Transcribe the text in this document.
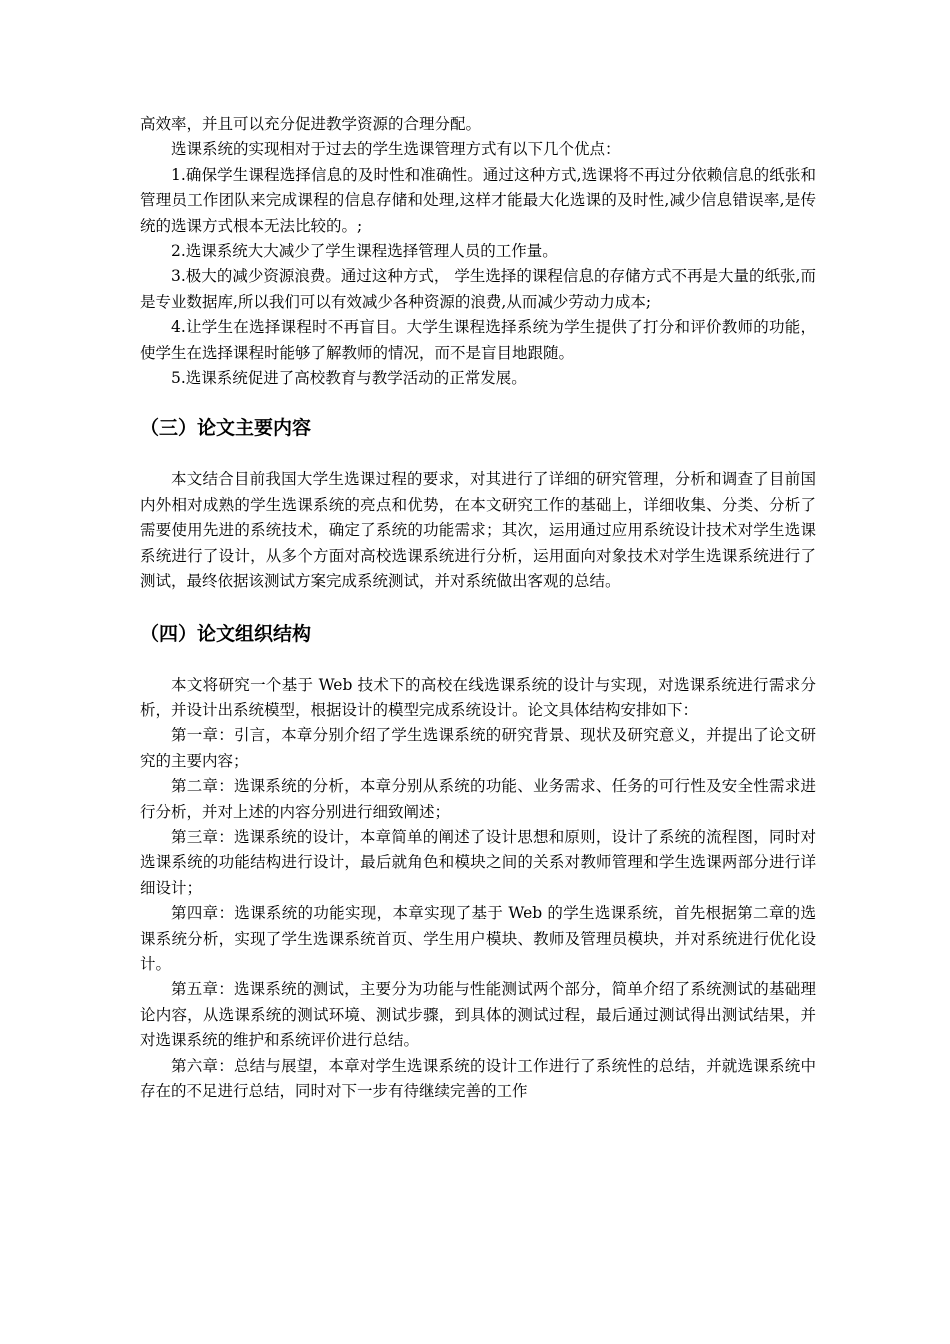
高效率，并且可以充分促进教学资源的合理分配。

选课系统的实现相对于过去的学生选课管理方式有以下几个优点：

1.确保学生课程选择信息的及时性和准确性。通过这种方式,选课将不再过分依赖信息的纸张和管理员工作团队来完成课程的信息存储和处理,这样才能最大化选课的及时性,减少信息错误率,是传统的选课方式根本无法比较的。;

2.选课系统大大减少了学生课程选择管理人员的工作量。

3.极大的减少资源浪费。通过这种方式， 学生选择的课程信息的存储方式不再是大量的纸张,而是专业数据库,所以我们可以有效减少各种资源的浪费,从而减少劳动力成本;

4.让学生在选择课程时不再盲目。大学生课程选择系统为学生提供了打分和评价教师的功能，使学生在选择课程时能够了解教师的情况，而不是盲目地跟随。

5.选课系统促进了高校教育与教学活动的正常发展。

（三）论文主要内容

本文结合目前我国大学生选课过程的要求，对其进行了详细的研究管理，分析和调查了目前国内外相对成熟的学生选课系统的亮点和优势，在本文研究工作的基础上，详细收集、分类、分析了需要使用先进的系统技术，确定了系统的功能需求；其次，运用通过应用系统设计技术对学生选课系统进行了设计，从多个方面对高校选课系统进行分析，运用面向对象技术对学生选课系统进行了测试，最终依据该测试方案完成系统测试，并对系统做出客观的总结。

（四）论文组织结构

本文将研究一个基于 Web 技术下的高校在线选课系统的设计与实现，对选课系统进行需求分析，并设计出系统模型，根据设计的模型完成系统设计。论文具体结构安排如下：

第一章：引言，本章分别介绍了学生选课系统的研究背景、现状及研究意义，并提出了论文研究的主要内容；

第二章：选课系统的分析，本章分别从系统的功能、业务需求、任务的可行性及安全性需求进行分析，并对上述的内容分别进行细致阐述；

第三章：选课系统的设计，本章简单的阐述了设计思想和原则，设计了系统的流程图，同时对选课系统的功能结构进行设计，最后就角色和模块之间的关系对教师管理和学生选课两部分进行详细设计；

第四章：选课系统的功能实现，本章实现了基于 Web 的学生选课系统，首先根据第二章的选课系统分析，实现了学生选课系统首页、学生用户模块、教师及管理员模块，并对系统进行优化设计。

第五章：选课系统的测试，主要分为功能与性能测试两个部分，简单介绍了系统测试的基础理论内容，从选课系统的测试环境、测试步骤，到具体的测试过程，最后通过测试得出测试结果，并对选课系统的维护和系统评价进行总结。

第六章：总结与展望，本章对学生选课系统的设计工作进行了系统性的总结，并就选课系统中存在的不足进行总结，同时对下一步有待继续完善的工作
